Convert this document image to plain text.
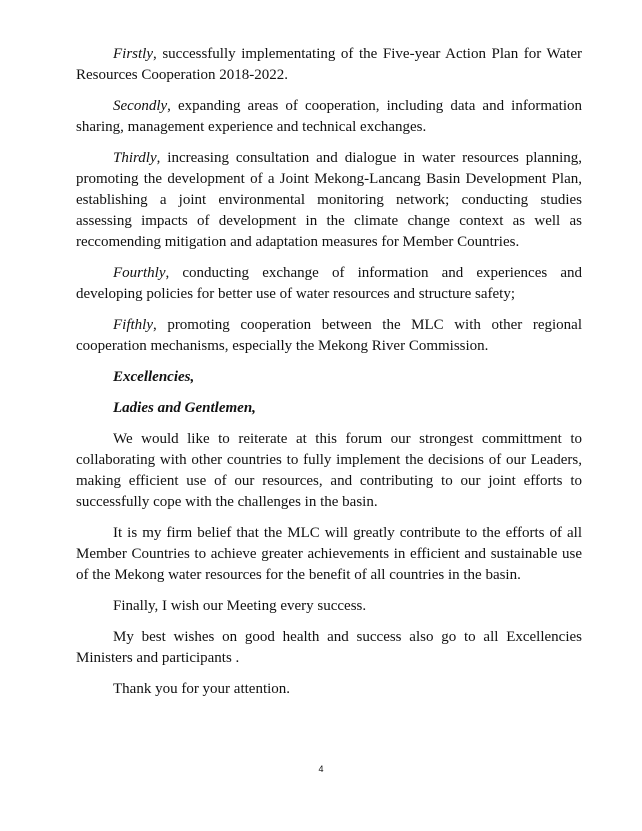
Firstly, successfully implementating of the Five-year Action Plan for Water Resources Cooperation 2018-2022.

Secondly, expanding areas of cooperation, including data and information sharing, management experience and technical exchanges.

Thirdly, increasing consultation and dialogue in water resources planning, promoting the development of a Joint Mekong-Lancang Basin Development Plan, establishing a joint environmental monitoring network; conducting studies assessing impacts of development in the climate change context as well as reccomending mitigation and adaptation measures for Member Countries.

Fourthly, conducting exchange of information and experiences and developing policies for better use of water resources and structure safety;

Fifthly, promoting cooperation between the MLC with other regional cooperation mechanisms, especially the Mekong River Commission.

Excellencies,

Ladies and Gentlemen,

We would like to reiterate at this forum our strongest committment to collaborating with other countries to fully implement the decisions of our Leaders, making efficient use of our resources, and contributing to our joint efforts to successfully cope with the challenges in the basin.

It is my firm belief that the MLC will greatly contribute to the efforts of all Member Countries to achieve greater achievements in efficient and sustainable use of the Mekong water resources for the benefit of all countries in the basin.

Finally, I wish our Meeting every success.

My best wishes on good health and success also go to all Excellencies Ministers and participants .

Thank you for your attention.

4
